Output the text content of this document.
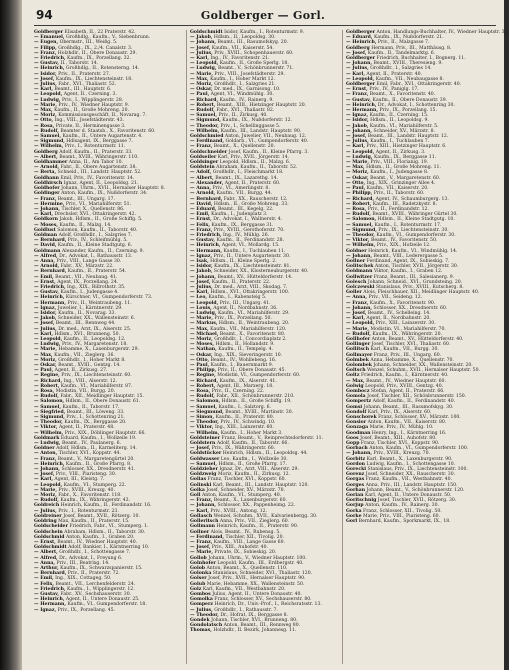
94	Goldberger — Gorl.
Goldberger Elisabeth, II., 22 Praterstr. 42.
— Emanuel, Großhdlg., Kaufm., V., Siebenbrunn.
— Eugen, Obermstr., III., Weißg. 5.
— Filipp, Großhdlg., IX., 2./4. Canalstr. 3.
— Franz, Holzhdlr., II., Obere Donaustr. 29.
— Friedrich, Kaufm., IX., Porzellang. 32.
— Gustav, II., Taborstr. 14.
— Heinrich, Großhdlg., II., Rotensterng. 14.
— Isidor, Priv., II., Praterstr. 27.
— Josef, Kaufm., IX., Liechtensteinstr. 18.
— Julius, Fabr., XVI., Thaliastr. 52.
— Karl, Beamt., III., Hauptstr. 6.
— Leopold, Agent, II., Czerning. 3.
— Ludwig, Priv., I., Wipplingerstr. 28.
— Marie, Priv., IV., Wiedner Hauptstr. 9.
— Max, Kaufm., II., Große Mohreng. 20.
— Moriz, Kommissionsgeschäft, II., Novarag. 7.
— Otto, Ing., VIII., Josefstädterstr. 43.
— Rosa, Private, II., Herminengasse 3.
— Rudolf, Beamter d. Staatsb., X., Favoritenstr. 60.
— Samuel, Kaufm., II., Untere Augartenstr. 4.
— Sigmund, Hdlsagent, IX., Berggasse 7.
— Wilhelm, Priv., I., Rotenturmstr. 11.
Goldberg Adolf, Kaufm., II., Praterstr. 33.
— Albert, Beamt., XVIII., Währingerstr. 110.
Goldhammer Anna, II., Am Tabor 10.
— Arnold, Fabr., II., Obere Augartenstr. 38.
— Berta, Schneid., III., Landstr. Hauptstr. 52.
Goldhann Emil, Priv., IV., Favoritenstr. 14.
Goldhirsch Ignaz, Agent, II., Leopoldsg. 21.
Goldhofer Johann, Uhrm., XVII., Hernalser Hauptstr. 8.
Goldinger Anton, Kaufm., IX., Nußdorferstr. 34.
— Franz, Beamt., III., Ungarg. 17.
— Hermine, Priv., VI., Mariahilferstr. 51.
— Johann, Tischler, X., Quellenstr. 86.
— Karl, Drechsler, XVI., Ottakringerstr. 42.
Goldkorn Jakob, Hdlsm., II., Große Schiffg. 5.
— Moses, Kaufm., II., Malzg. 14.
Goldlust Salomon, Kaufm., II., Taborstr. 40.
Goldman Adolf, Großhdlr., I., Salzgries 7.
— Bernhard, Priv., IV., Schleifmühlg. 5.
— David, Kaufm., II., Kleine Stadtgutg. 6.
Goldmann Alexander, Kaufm., II., Czerning. 9.
— Alfred, Dr., Advokat, I., Rathausstr. 13.
— Anna, Priv., VIII., Lange Gasse 30.
— Arnold, Fabr., XV., Märzstr. 22.
— Bernhard, Kaufm., II., Praterstr. 54.
— Emil, Beamt., VII., Neubaug. 41.
— Ernst, Agent, IX., Porzellang. 24.
— Friedrich, Ing., XIX., Billrothstr. 35.
— Gustav, Kaufm., I., Judengasse 4.
— Heinrich, Kürschner, VI., Gumpendorferstr. 73.
— Hermann, Priv., II., Weintraubeng. 11.
— Ignaz, Juwelier, I., Kärntnerstr. 29.
— Isidor, Kaufm., II., Novarag. 33.
— Jakob, Schneider, XX., Wallensteinstr. 6.
— Josef, Beamt., III., Rennweg 44.
— Julius, Dr. med., Arzt, IX., Alserstr. 25.
— Karl, Hdlsm., XVI., Brunneng. 50.
— Leopold, Kaufm., II., Leopoldsg. 12.
— Ludwig, Priv., IV., Margaretenstr. 18.
— Marie, Hebamme, X., Laxenburgerstr. 29.
— Max, Kaufm., VII., Zieglerg. 36.
— Moriz, Großhdlr., I., Hoher Markt 8.
— Oskar, Beamt., XVIII., Gentzg. 14.
— Paul, Agent, II., Zirkusg. 27.
— Regine, Priv., IX., Liechtensteinstr. 60.
— Richard, Ing., VIII., Alserstr. 12.
— Robert, Kaufm., VI., Mariahilferstr. 87.
— Rosa, Modistin, VII., Burgg. 20.
— Rudolf, Fabr., XII., Meidlinger Hauptstr. 15.
— Salomon, Hdlsm., II., Obere Donaustr. 61.
— Samuel, Kaufm., II., Taborstr. 17.
— Siegfried, Beamt., III., Löweng. 33.
— Sigmund, Priv., I., Schottenring 21.
— Theodor, Kaufm., IX., Berggasse 20.
— Viktor, Agent, II., Praterstr. 48.
— Wilhelm, Priv., XIX., Döblinger Hauptstr. 66.
Goldmark Eduard, Kaufm., I., Wollzeile 19.
— Ludwig, Beamt., IV., Paulanerg. 6.
Goldner Adolf, Hdlsm., II., Karmeliterg. 14.
— Anton, Tischler, XVI., Koppstr. 44.
— Franz, Beamt., V., Margaretengürtel 20.
— Heinrich, Kaufm., II., Große Pfarrg. 8.
— Johann, Schlosser, XX., Dresdnerstr. 41.
— Josef, Priv., VIII., Piaristeng. 30.
— Karl, Agent, III., Kleistg. 7.
— Leopold, Kaufm., VI., Stumperg. 22.
— Marie, Priv., XVIII., Kreuzg. 40.
— Moriz, Fabr., X., Favoritenstr. 118.
— Rudolf, Kaufm., IX., Währingerstr. 43.
Goldreich Heinrich, Kaufm., II., Ferdinandstr. 16.
— Julius, Priv., I., Rotenturmstr. 23.
Goldreiner Josef, Beamt., XVII., Rötzerg. 10.
Goldring Max, Kaufm., II., Praterstr. 15.
Goldscheider Friedrich, Fabr., VI., Stumperg. 1.
Goldschein Abraham, Hdlsm., II., Taborstr. 30.
Goldschmid Anton, Kaufm., I., Graben 20.
— Ernst, Beamt., IV., Wiedner Hauptstr. 40.
Goldschmidt Adolf, Bankier, I., Kärntnerring 10.
— Albert, Großhdlr., I., Schottengasse 7.
— Alfred, Dr., Advokat, I., Freyung 6.
— Anna, Priv., III., Beatrixg. 14.
— Arthur, Kaufm., IX., Schwarzspanierstr. 15.
— Bernhard, Priv., II., Praterstr. 72.
— Emil, Ing., XIX., Cottageg. 50.
— Felix, Beamt., VII., Lerchenfelderstr. 24.
— Friedrich, Kaufm., I., Wipplingerstr. 12.
— Gustav, Fabr., XV., Sechshauserstr. 30.
— Heinrich, Agent, II., Untere Donaustr. 25.
— Hermann, Kaufm., VI., Gumpendorferstr. 18.
— Ignaz, Priv., IX., Porzellang. 45.
Goldschmidt Isidor, Kaufm., I., Rotenturmstr. 9.
— Jakob, Hdlsm., II., Leopoldsg. 30.
— Johann, Beamt., III., Rasumofskyg. 20.
— Josef, Kaufm., VII., Kaiserstr. 54.
— Julius, Priv., XVIII., Schopenhauerstr. 60.
— Karl, Ing., IV., Favoritenstr. 21.
— Leopold, Kaufm., II., Große Sperlg. 18.
— Ludwig, Beamt., V., Schönbrunnerstr. 71.
— Marie, Priv., VIII., Josefstädterstr. 29.
— Max, Kaufm., I., Hoher Markt 12.
— Moriz, Großhdlr., I., Salzgries 21.
— Oskar, Dr. med., IX., Garnisong. 10.
— Paul, Agent, VI., Windmühlg. 30.
— Richard, Kaufm., IV., Rainerg. 9.
— Robert, Beamt., XIII., Hietzinger Hauptstr. 20.
— Rudolf, Fabr., XVI., Thaliastr. 82.
— Samuel, Priv., II., Zirkusg. 40.
— Sigmund, Kaufm., IX., Nußdorferstr. 12.
— Theodor, Priv., I., Schellinggasse 5.
— Wilhelm, Kaufm., III., Landstr. Hauptstr. 90.
Goldschmied Anton, Juwelier, VII., Neubaug. 12.
— Ferdinand, Goldarb., VI., Gumpendorferstr. 40.
— Franz, Beamt., X., Quellenstr. 20.
Goldschneider Josef, Kaufm., II., Kleine Pfarrg. 3.
Goldseiler Karl, Priv., XVII., Jörgerstr. 14.
Goldsinger Leopold, Hdlsm., II., Malzg. 6.
Goldstein Abraham, Kaufm., II., Taborstr. 52.
— Adolf, Großhdlr., I., Fleischmarkt 18.
— Albert, Beamt., IX., Lazarethg. 14.
— Alexander, Agent, II., Praterstr. 60.
— Anna, Priv., VI., Amerlingstr. 8.
— Arnold, Kaufm., VII., Burgg. 44.
— Bernhard, Fabr., XX., Rauscherstr. 12.
— David, Hdlsm., II., Große Mohreng. 33.
— Eduard, Beamt., III., Kegelg. 22.
— Emil, Kaufm., I., Judenplatz 3.
— Ernst, Dr., Advokat, I., Wallnerstr. 4.
— Felix, Kaufm., IX., Berggasse 31.
— Franz, Priv., XVIII., Gersthoferstr. 70.
— Friedrich, Ing., IV., Mühlg. 26.
— Gustav, Kaufm., II., Ferdinandstr. 28.
— Heinrich, Agent, VI., Mollardg. 15.
— Hermann, Kaufm., I., Tuchlauben 11.
— Ignaz, Priv., II., Untere Augartenstr. 30.
— Isak, Hdlsm., II., Kleine Sperlg. 2.
— Isidor, Kaufm., IX., Liechtensteinstr. 81.
— Jakob, Schneider, XX., Klosterneuburgerstr. 40.
— Johann, Beamt., XV., Hütteldorferstr. 14.
— Josef, Kaufm., II., Praterstr. 22.
— Julius, Dr. med., Arzt, VIII., Skodag. 7.
— Karl, Hdlsm., XVI., Ottakringerstr. 100.
— Leo, Kaufm., I., Rabensteig 5.
— Leopold, Priv., III., Ungarg. 41.
— Louis, Agent, II., Nordbahnstr. 36.
— Ludwig, Kaufm., VI., Mariahilferstr. 29.
— Marie, Priv., IX., Porzellang. 50.
— Markus, Hdlsm., II., Weintraubeng. 20.
— Max, Kaufm., VII., Mariahilferstr. 120.
— Michael, Beamt., X., Favoritenstr. 80.
— Moriz, Großhdlr., I., Concordiaplatz 2.
— Moses, Hdlsm., II., Hollandstr. 9.
— Nathan, Kaufm., II., Tempelg. 4.
— Oskar, Ing., XIX., Sieveringerstr. 10.
— Otto, Beamt., IV., Wohllebeng. 16.
— Paul, Kaufm., I., Bauernmarkt 9.
— Philipp, Priv., II., Obere Donaustr. 45.
— Regine, Modistin, VI., Gumpendorferstr. 60.
— Richard, Kaufm., IX., Alserstr. 41.
— Robert, Agent, III., Marxerg. 18.
— Rosa, Priv., II., Czerning. 22.
— Rudolf, Fabr., XII., Schönbrunnerstr. 210.
— Salomon, Hdlsm., II., Große Schiffg. 19.
— Samuel, Kaufm., I., Salztorg. 6.
— Siegmund, Beamt., XVIII., Martinstr. 30.
— Simon, Kaufm., II., Praterstr. 80.
— Theodor, Priv., IV., Schwindg. 10.
— Viktor, Ing., XIII., Lainzerstr. 60.
— Wilhelm, Kaufm., I., Hoher Markt 3.
Goldsteiner Franz, Beamt., V., Reinprechtsdorferstr. 11.
Goldstern Adolf, Kaufm., II., Taborstr. 66.
— Josef, Priv., IX., Währingerstr. 60.
Goldstücker Heinrich, Hdlsm., II., Leopoldsg. 44.
Goldwasser Leo, Kaufm., I., Wollzeile 30.
— Samuel, Hdlsm., II., Große Pfarrg. 17.
Goldzieher Ignaz, Dr., Arzt, VIII., Alserstr. 29.
Goldzweig Moriz, Kaufm., II., Zirkusg. 12.
Golias Franz, Tischler, XVI., Koppstr. 60.
Golinski Karl, Beamt., III., Landstr. Hauptstr. 120.
Golka Josef, Schneider, XV., Märzstr. 70.
Goll Anton, Kaufm., VI., Stumperg. 40.
— Franz, Beamt., X., Laxenburgerstr. 60.
— Johann, Schlosser, XX., Pappenheimg. 22.
— Karl, Priv., XVIII., Antong. 12.
Gollasch Wenzel, Schuhm., XVII., Kalvarienbergg. 30.
Golleritsch Anna, Priv., VII., Zieglerg. 60.
Gollmann Heinrich, Kaufm., II., Praterstr. 90.
Gollner Alois, Beamt., IV., Rubensg. 5.
— Ferdinand, Tischler, XII., Tivolig. 20.
— Franz, Kaufm., VIII., Lange Gasse 60.
— Josef, Priv., XIII., Auhofstr. 40.
— Marie, Private, IX., Sobieskig. 20.
Gollob Johann, Uhrm., V., Wiedner Hauptstr. 100.
Golnhofer Leopold, Kaufm., III., Erdbergstr. 40.
Golob Anton, Beamt., X., Quellenstr. 110.
Golonka Stanislaus, Schneider, XVI., Thaliastr. 120.
Golser Josef, Priv., XVII., Hernalser Hauptstr. 90.
Golub Marie, Hebamme, XX., Wallensteinstr. 50.
Golz Karl, Kaufm., VII., Westbahnstr. 20.
Gombos Julius, Agent, II., Untere Donaustr. 40.
Gomolka Franz, Schlosser, XV., Sechshauserstr. 80.
Gomperz Heinrich, Dr., Univ.-Prof., I., Reichsratsstr. 13.
— Julius, Großhdlr., I., Rathausstr. 7.
— Theodor, Dr., Hofrat, IX., Berggasse 8.
Gondek Johann, Tischler, XVI., Brunneng. 80.
Gondolatsch Anton, Beamt., III., Rennweg 80.
Thomas, Holzhdlr., II. Bezirk, Johannesg. 11.
Goldberger Anton, Handlungs-Buchhalter, IV., Wiedner Hauptstr. 30.
— Eduard, Kaufm., IX., Nußdorferstr. 21.
— Heinrich, Priv., II., Malzgasse 7.
Goldberg Hermann, Priv., III., Matthäusg. 8.
— Josef, Kaufm., II., Tandelmarktg. 6.
Goldberger Friedrich, Buchhalter, I., Bognerg. 11.
— Johann, Beamt., XVIII., Theresieng. 9.
— Julius, Großhdlr., I., Salzgries 14.
— Karl, Agent, II., Praterstr. 40.
— Leopold, Kaufm., VII., Neubaugasse 8.
Goldberger Emil, Fabr., XVI., Ottakringerstr. 40.
— Ernst, Priv., IV., Paniglg. 17.
— Franz, Beamt., X., Favoritenstr. 40.
— Gustav, Kaufm., II., Obere Donaustr. 39.
— Heinrich, Dr., Advokat, I., Schottenring 30.
— Hermann, Priv., IX., Porzellang. 15.
— Ignaz, Kaufm., II., Czerning. 15.
— Isidor, Hdlsm., II., Leopoldsg. 9.
— Jakob, Kaufm., VI., Mariahilferstr. 5.
— Johann, Schneider, XV., Märzstr. 8.
— Josef, Beamt., III., Landstr. Hauptstr. 12.
— Julius, Kaufm., I., Tuchlauben 7.
— Karl, Priv., XIII., Hietzinger Hauptstr. 6.
— Leopold, Agent, II., Zirkusg. 3.
— Ludwig, Kaufm., IX., Berggasse 11.
— Marie, Priv., VIII., Florianig. 19.
— Max, Hdlsm., II., Große Mohreng. 11.
— Moriz, Kaufm., I., Judengasse 8.
— Oskar, Beamt., V., Margaretenstr. 60.
— Otto, Ing., XIX., Grinzinger Allee 4.
— Paul, Kaufm., VII., Kaiserstr. 20.
— Philipp, Priv., II., Taborstr. 60.
— Richard, Agent, IV., Schaumburgerg. 13.
— Robert, Kaufm., III., Radetzkystr. 8.
— Rosa, Priv., II., Ferdinandstr. 12.
— Rudolf, Beamt., XVIII., Währinger Gürtel 30.
— Salomon, Hdlsm., II., Kleine Stadtgutg. 10.
— Samuel, Kaufm., I., Rotenturmstr. 17.
— Sigmund, Priv., IX., Liechtensteinstr. 30.
— Theodor, Kaufm., VI., Gumpendorferstr. 30.
— Viktor, Beamt., IV., Favoritenstr. 50.
— Wilhelm, Priv., XIX., Hofzeile 12.
Goldner Heinrich, Kaufm., VI., Windmühlg. 14.
— Johann, Beamt., VIII., Lederergasse 5.
Gollner Ferdinand, Agent, IX., Sobieskig. 7.
Golitschek Anton, Tischler, XVII., Jörgerstr. 30.
Goldmann Viktor, Kaufm., I., Graben 12.
Gollwitzer Franz, Beamt., III., Salesianerg. 9.
Golesch Johann, Schneid., XVI., Grundsteing. 20.
Golczewski Stanislaus, Priv., XVIII., Kutscherg. 8.
Goller Alois, Fleischhauer, XII., Meidlinger Hauptstr. 40.
— Anna, Priv., VII., Seideng. 12.
— Franz, Kaufm., X., Favoritenstr. 90.
— Johann, Schlosser, XX., Dresdnerstr. 60.
— Josef, Beamt., IV., Schelleing. 14.
— Karl, Agent, II., Nordbahnstr. 20.
— Leopold, Priv., XIII., Lainzerstr. 30.
— Marie, Modistin, VI., Mariahilferstr. 70.
— Rudolf, Kaufm., IX., Währingerstr. 20.
Gollhofer Anton, Beamt., XV., Hütteldorferstr. 40.
Gollinger Josef, Tischler, XVI., Thaliastr. 60.
Gollitsch Karl, Kaufm., VII., Burgg. 30.
Gollmayer Franz, Priv., III., Ungarg. 60.
Golmbek Anna, Hebamme, X., Quellenstr. 70.
Golombek Johann, Schneider, XX., Wallensteinstr. 20.
Goltsch Wenzel, Schuhm., XVII., Hernalser Hauptstr. 50.
Goltz Friedrich, Kaufm., I., Kärntnerstr. 40.
— Max, Beamt., IV., Wiedner Hauptstr. 60.
Golwig Leopold, Priv., XVIII., Gentzg. 40.
Gombocz Stefan, Agent, II., Praterstr. 66.
Gomola Josef, Tischler, XII., Schönbrunnerstr. 150.
Gompertz Adolf, Kaufm., II., Ferdinandstr. 40.
Gomsi Johann, Beamt., III., Rasumofskyg. 30.
Gondolf Karl, Priv., IX., Alserstr. 60.
Gonschorek Franz, Schlosser, XV., Märzstr. 100.
Gonsior Anton, Kaufm., VII., Kaiserstr. 80.
Gonzaga Marie, Priv., IV., Mühlg. 10.
Goodman Henry, Ing., I., Kärntnerring 16.
Goos Josef, Beamt., XIII., Auhofstr. 80.
Gopp Franz, Tischler, XVI., Koppstr. 90.
Gorbach Anton, Kaufm., VI., Gumpendorferstr. 100.
— Johann, Priv., XVIII., Kreuzg. 70.
Gorbitz Karl, Beamt., X., Laxenburgerstr. 90.
Gordon Ludwig, Kaufm., I., Schottengasse 10.
Gorecki Stanislaus, Priv., IX., Liechtensteinstr. 100.
Gorenz Josef, Schneider, XX., Rauscherstr. 30.
Gorgas Franz, Kaufm., VII., Westbahnstr. 40.
Gorges Anna, Priv., III., Landstr. Hauptstr. 150.
Gorhan Johann, Beamt., V., Schönbrunnerstr. 120.
Gorian Karl, Agent, II., Untere Donaustr. 50.
Goritschnig Josef, Tischler, XVII., Rötzerg. 30.
Gorjup Anton, Kaufm., IV., Rainerg. 30.
Gorka Franz, Schlosser, XII., Tivolig. 50.
Gorke Marie, Priv., VIII., Piaristeng. 60.
Gorl Bernhard, Kaufm., Sporkmarkt, IX., 18.
